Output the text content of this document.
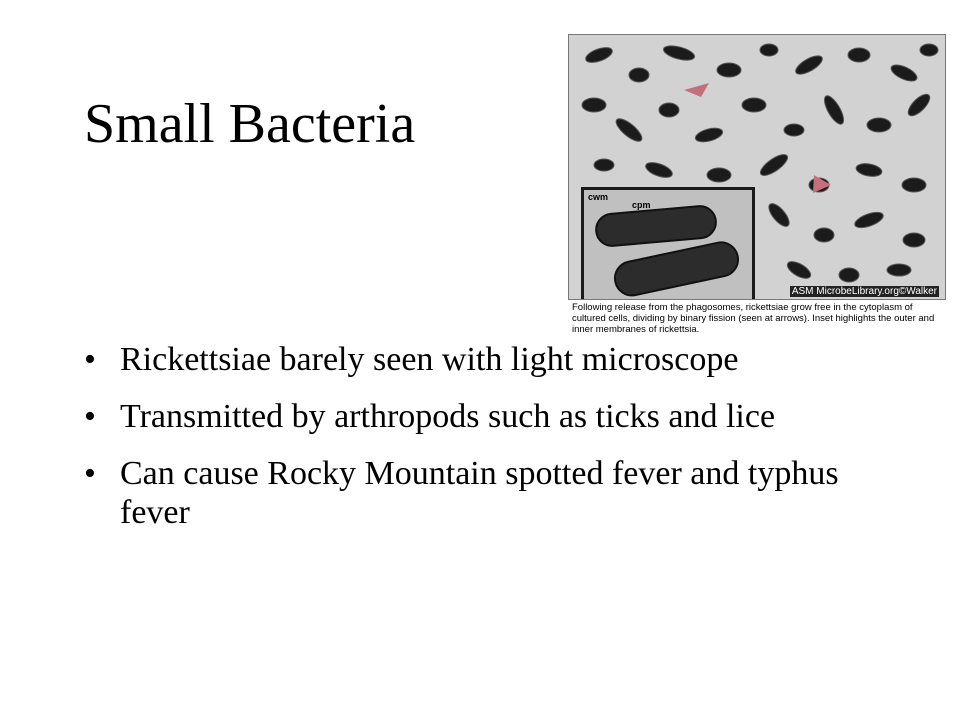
Small Bacteria
cwm
cpm
ASM MicrobeLibrary.org©Walker
Following release from the phagosomes, rickettsiae grow free in the cytoplasm of cultured cells, dividing by binary fission (seen at arrows). Inset highlights the outer and inner membranes of rickettsia.
• Rickettsiae barely seen with light microscope
• Transmitted by arthropods such as ticks and lice
• Can cause Rocky Mountain spotted fever and typhus fever
